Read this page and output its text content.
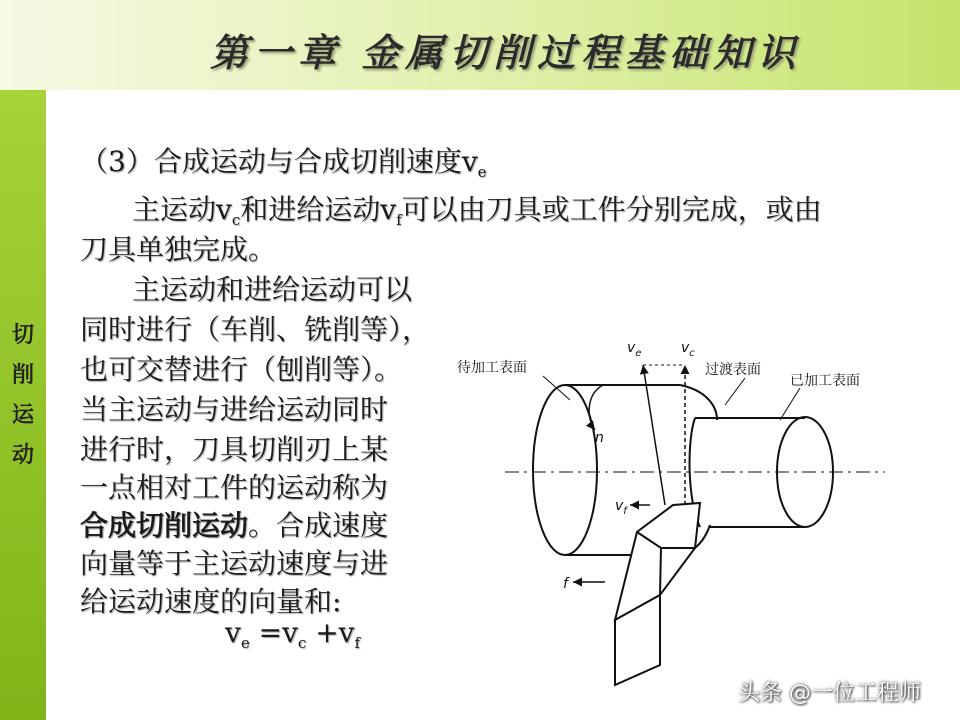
第一章 金属切削过程基础知识
切
削
运
动
（3）合成运动与合成切削速度$v_e$
主运动$v_c$和进给运动$v_f$可以由刀具或工件分别完成，或由
刀具单独完成。
主运动和进给运动可以
同时进行（车削、铣削等），
也可交替进行（刨削等）。
当主运动与进给运动同时
进行时，刀具切削刃上某
一点相对工件的运动称为
合成切削运动。合成速度
向量等于主运动速度与进
给运动速度的向量和:
$v_e =v_c +v_f$
待加工表面	过渡表面
已加工表面
$v_e$	$v_c$
$v_f$
n
f
头条 @一位工程师
